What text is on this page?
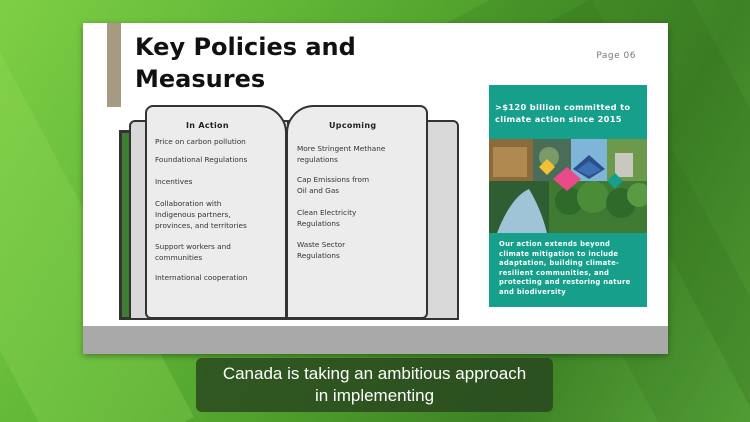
Key Policies and
Measures
Page 06
In Action
Price on carbon pollution
Foundational Regulations
Incentives
Collaboration with
Indigenous partners,
provinces, and territories
Support workers and
communities
International cooperation
Upcoming
More Stringent Methane
regulations
Cap Emissions from
Oil and Gas
Clean Electricity
Regulations
Waste Sector
Regulations
>$120 billion committed to climate action since 2015
Our action extends beyond climate mitigation to include adaptation, building climate-resilient communities, and protecting and restoring nature and biodiversity
Canada is taking an ambitious approach
in implementing
